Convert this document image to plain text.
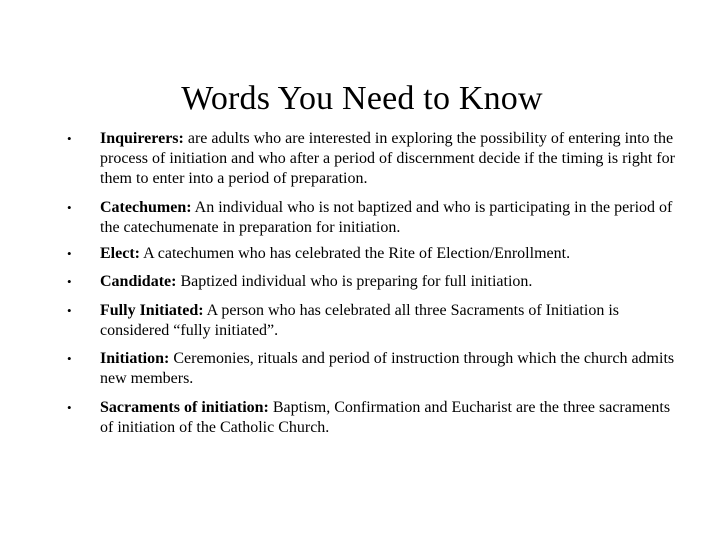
Words You Need to Know
• Inquirerers: are adults who are interested in exploring the possibility of entering into the process of initiation and who after a period of discernment decide if the timing is right for them to enter into a period of preparation.
• Catechumen: An individual who is not baptized and who is participating in the period of the catechumenate in preparation for initiation.
• Elect: A catechumen who has celebrated the Rite of Election/Enrollment.
• Candidate: Baptized individual who is preparing for full initiation.
• Fully Initiated: A person who has celebrated all three Sacraments of Initiation is considered “fully initiated”.
• Initiation: Ceremonies, rituals and period of instruction through which the church admits new members.
• Sacraments of initiation: Baptism, Confirmation and Eucharist are the three sacraments of initiation of the Catholic Church.
